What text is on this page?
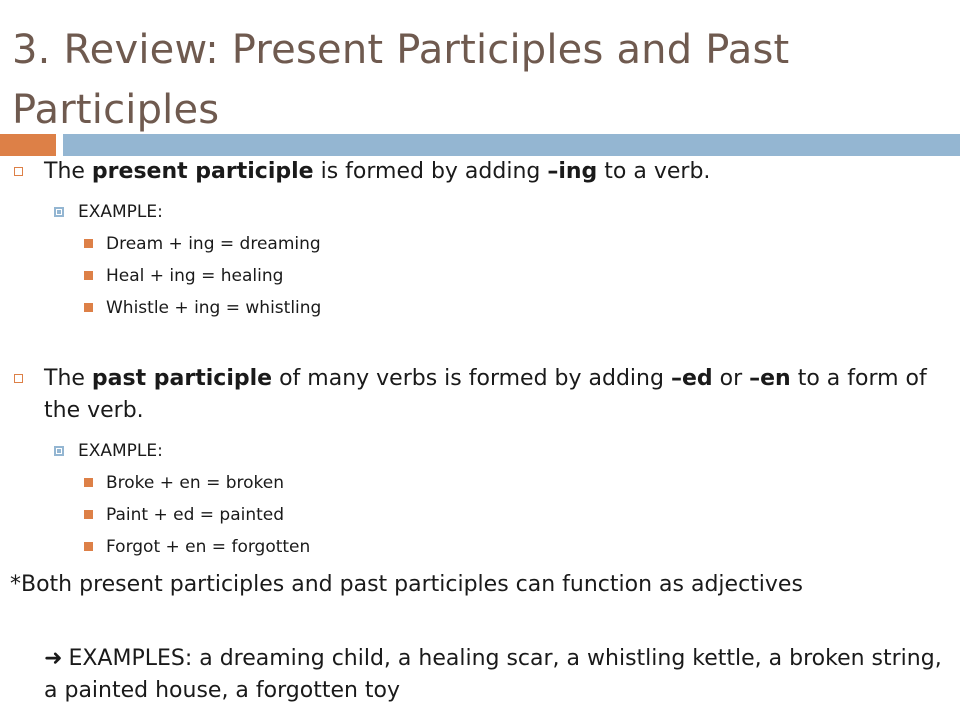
3. Review: Present Participles and Past Participles
The present participle is formed by adding –ing to a verb.
EXAMPLE:
Dream + ing = dreaming
Heal + ing = healing
Whistle + ing = whistling
The past participle of many verbs is formed by adding –ed or –en to a form of the verb.
EXAMPLE:
Broke + en = broken
Paint + ed = painted
Forgot + en = forgotten
*Both present participles and past participles can function as adjectives
➜ EXAMPLES: a dreaming child, a healing scar, a whistling kettle, a broken string, a painted house, a forgotten toy
